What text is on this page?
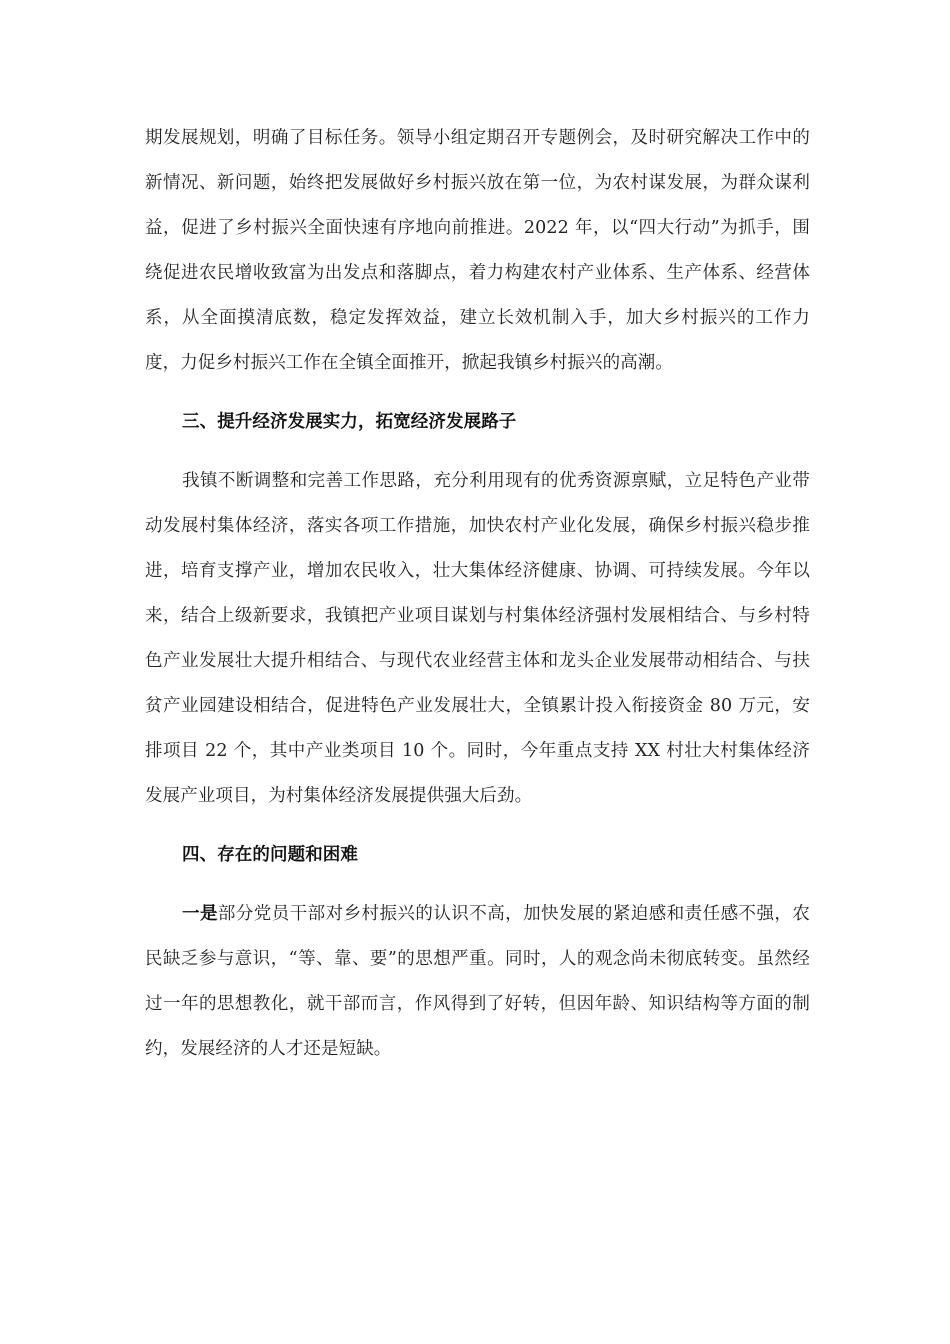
期发展规划，明确了目标任务。领导小组定期召开专题例会，及时研究解决工作中的新情况、新问题，始终把发展做好乡村振兴放在第一位，为农村谋发展，为群众谋利益，促进了乡村振兴全面快速有序地向前推进。2022 年，以“四大行动”为抓手，围绕促进农民增收致富为出发点和落脚点，着力构建农村产业体系、生产体系、经营体系，从全面摸清底数，稳定发挥效益，建立长效机制入手，加大乡村振兴的工作力度，力促乡村振兴工作在全镇全面推开，掀起我镇乡村振兴的高潮。

三、提升经济发展实力，拓宽经济发展路子

我镇不断调整和完善工作思路，充分利用现有的优秀资源禀赋，立足特色产业带动发展村集体经济，落实各项工作措施，加快农村产业化发展，确保乡村振兴稳步推进，培育支撑产业，增加农民收入，壮大集体经济健康、协调、可持续发展。今年以来，结合上级新要求，我镇把产业项目谋划与村集体经济强村发展相结合、与乡村特色产业发展壮大提升相结合、与现代农业经营主体和龙头企业发展带动相结合、与扶贫产业园建设相结合，促进特色产业发展壮大，全镇累计投入衔接资金 80 万元，安排项目 22 个，其中产业类项目 10 个。同时，今年重点支持 XX 村壮大村集体经济发展产业项目，为村集体经济发展提供强大后劲。

四、存在的问题和困难

一是部分党员干部对乡村振兴的认识不高，加快发展的紧迫感和责任感不强，农民缺乏参与意识，“等、靠、要”的思想严重。同时，人的观念尚未彻底转变。虽然经过一年的思想教化，就干部而言，作风得到了好转，但因年龄、知识结构等方面的制约，发展经济的人才还是短缺。
